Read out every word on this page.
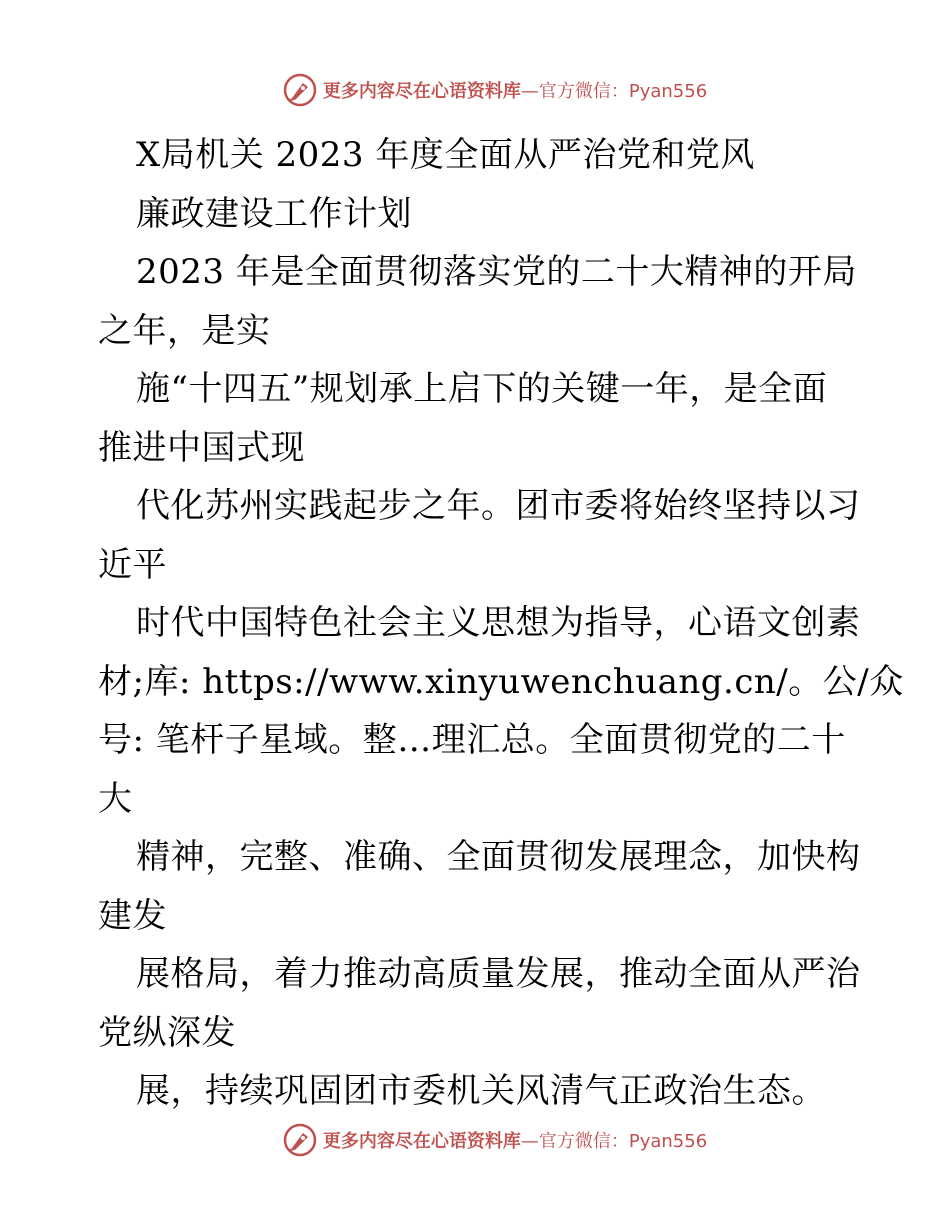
更多内容尽在心语资料库—官方微信：Pyan556
X局机关 2023 年度全面从严治党和党风
廉政建设工作计划
2023 年是全面贯彻落实党的二十大精神的开局
之年，是实
施“十四五”规划承上启下的关键一年，是全面
推进中国式现
代化苏州实践起步之年。团市委将始终坚持以习
近平
时代中国特色社会主义思想为指导，心语文创素
材;库: https://www.xinyuwenchuang.cn/。公/众
号: 笔杆子星域。整…理汇总。全面贯彻党的二十
大
精神，完整、准确、全面贯彻发展理念，加快构
建发
展格局，着力推动高质量发展，推动全面从严治
党纵深发
展，持续巩固团市委机关风清气正政治生态。
更多内容尽在心语资料库—官方微信：Pyan556
